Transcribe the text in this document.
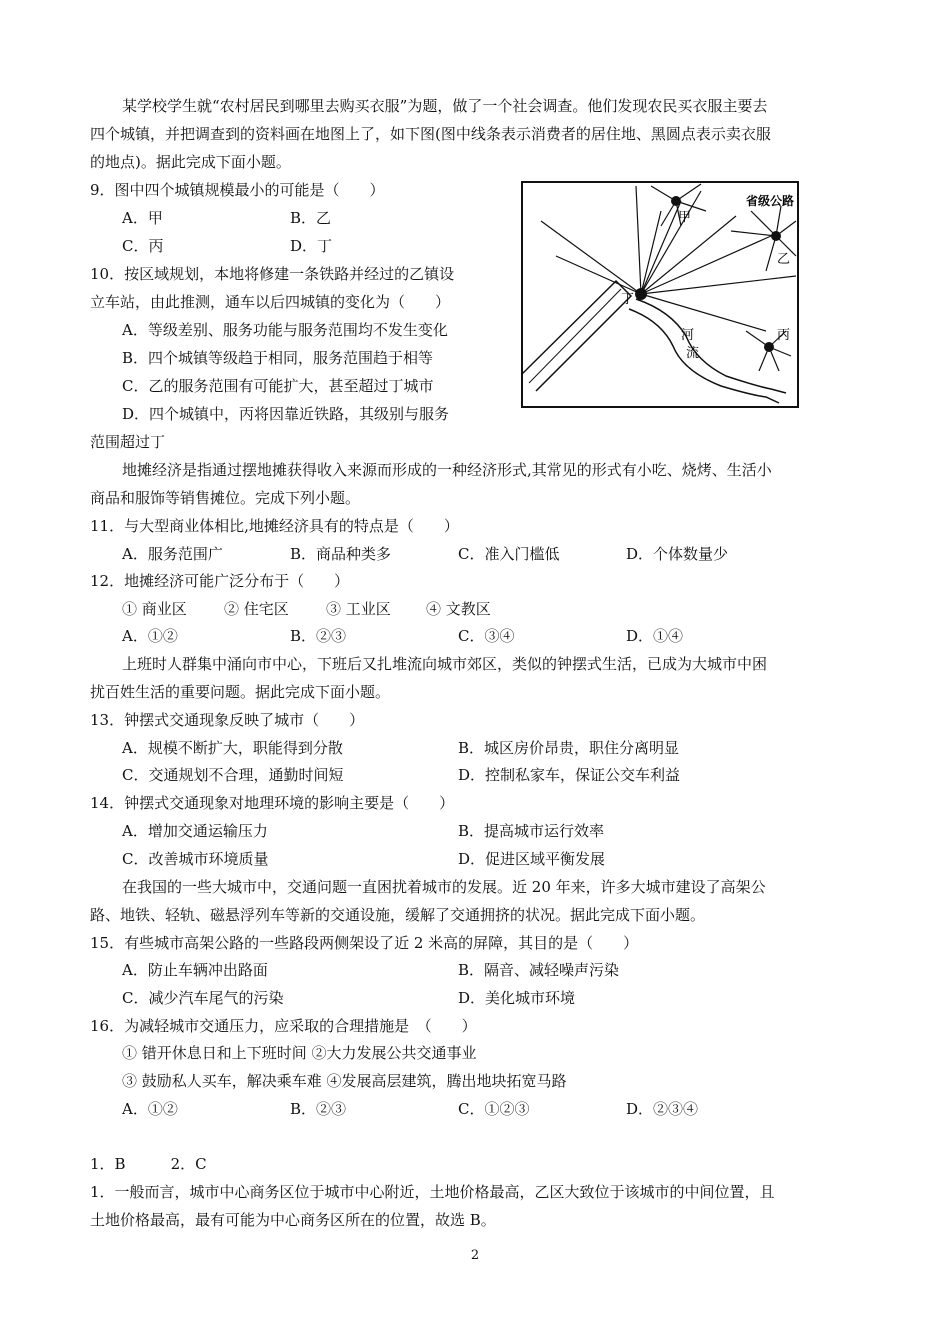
某学校学生就“农村居民到哪里去购买衣服”为题，做了一个社会调查。他们发现农民买衣服主要去
四个城镇，并把调查到的资料画在地图上了，如下图(图中线条表示消费者的居住地、黑圆点表示卖衣服
的地点)。据此完成下面小题。
9．图中四个城镇规模最小的可能是（　　）
A．甲	B．乙
C．丙	D．丁
10．按区域规划，本地将修建一条铁路并经过的乙镇设
立车站，由此推测，通车以后四城镇的变化为（　　）
A．等级差别、服务功能与服务范围均不发生变化
B．四个城镇等级趋于相同，服务范围趋于相等
C．乙的服务范围有可能扩大，甚至超过丁城市
D．四个城镇中，丙将因靠近铁路，其级别与服务
范围超过丁
甲
乙
丙
丁
省级公路
河
流
地摊经济是指通过摆地摊获得收入来源而形成的一种经济形式,其常见的形式有小吃、烧烤、生活小
商品和服饰等销售摊位。完成下列小题。
11．与大型商业体相比,地摊经济具有的特点是（　　）
A．服务范围广	B．商品种类多	C．准入门槛低	D．个体数量少
12．地摊经济可能广泛分布于（　　）
① 商业区 ② 住宅区 ③ 工业区 ④ 文教区
A．①②	B．②③	C．③④	D．①④
上班时人群集中涌向市中心，下班后又扎堆流向城市郊区，类似的钟摆式生活，已成为大城市中困
扰百姓生活的重要问题。据此完成下面小题。
13．钟摆式交通现象反映了城市（　　）
A．规模不断扩大，职能得到分散	B．城区房价昂贵，职住分离明显
C．交通规划不合理，通勤时间短	D．控制私家车，保证公交车利益
14．钟摆式交通现象对地理环境的影响主要是（　　）
A．增加交通运输压力	B．提高城市运行效率
C．改善城市环境质量	D．促进区域平衡发展
在我国的一些大城市中，交通问题一直困扰着城市的发展。近 20 年来，许多大城市建设了高架公
路、地铁、轻轨、磁悬浮列车等新的交通设施，缓解了交通拥挤的状况。据此完成下面小题。
15．有些城市高架公路的一些路段两侧架设了近 2 米高的屏障，其目的是（　　）
A．防止车辆冲出路面	B．隔音、减轻噪声污染
C．减少汽车尾气的污染	D．美化城市环境
16．为减轻城市交通压力，应采取的合理措施是　（　　）
① 错开休息日和上下班时间 ②大力发展公共交通事业
③ 鼓励私人买车，解决乘车难 ④发展高层建筑，腾出地块拓宽马路
A．①②	B．②③	C．①②③	D．②③④
1．B　　　2．C
1．一般而言，城市中心商务区位于城市中心附近，土地价格最高，乙区大致位于该城市的中间位置，且
土地价格最高，最有可能为中心商务区所在的位置，故选 B。
2
